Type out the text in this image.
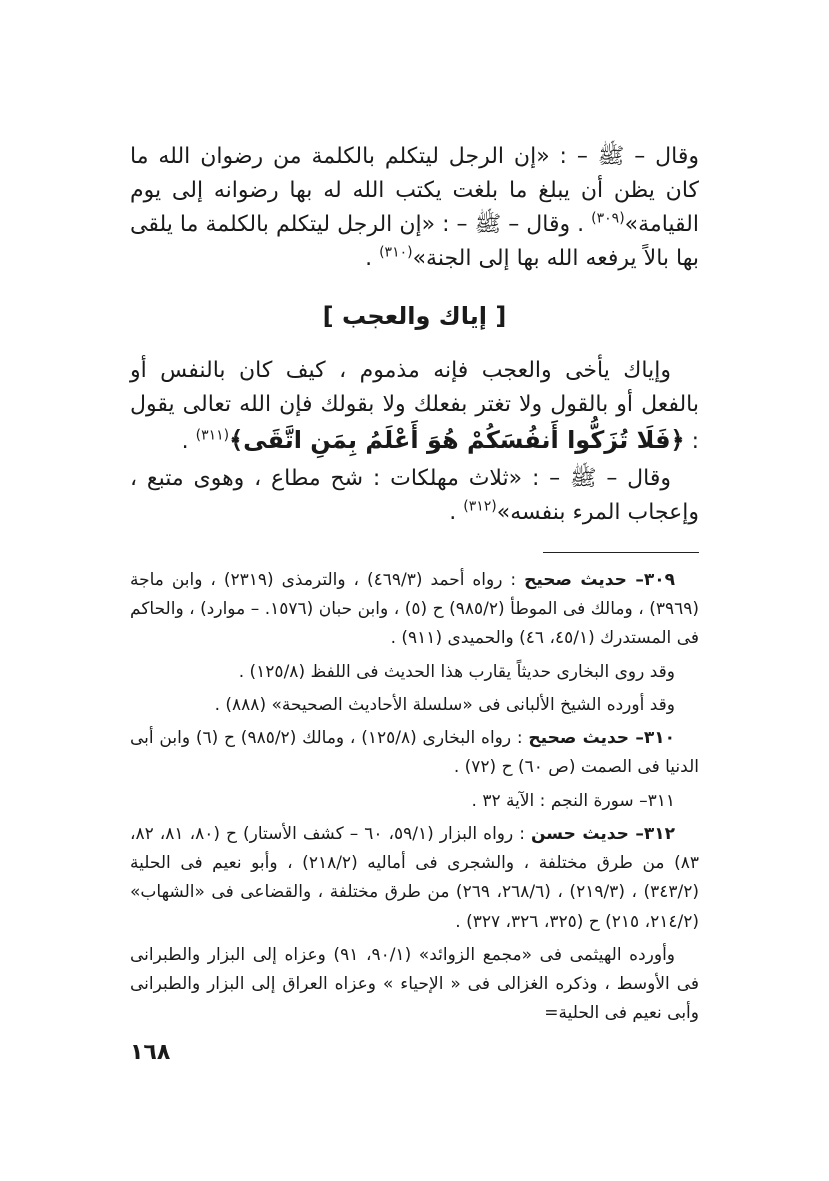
وقال – ﷺ – : «إن الرجل ليتكلم بالكلمة من رضوان الله ما كان يظن أن يبلغ ما بلغت يكتب الله له بها رضوانه إلى يوم القيامة»$^{(٣٠٩)}$ . وقال – ﷺ – : «إن الرجل ليتكلم بالكلمة ما يلقى بها بالاً يرفعه الله بها إلى الجنة»$^{(٣١٠)}$ .

[ إياك والعجب ]

وإياك يأخى والعجب فإنه مذموم ، كيف كان بالنفس أو بالفعل أو بالقول ولا تغتر بفعلك ولا بقولك فإن الله تعالى يقول : ﴿فَلَا تُزَكُّوا أَنفُسَكُمْ هُوَ أَعْلَمُ بِمَنِ اتَّقَى﴾$^{(٣١١)}$ .

وقال – ﷺ – : «ثلاث مهلكات : شح مطاع ، وهوى متبع ، وإعجاب المرء بنفسه»$^{(٣١٢)}$ .

٣٠٩– حديث صحيح : رواه أحمد (٤٦٩/٣) ، والترمذى (٢٣١٩) ، وابن ماجة (٣٩٦٩) ، ومالك فى الموطأ (٩٨٥/٢) ح (٥) ، وابن حبان (١٥٧٦. – موارد) ، والحاكم فى المستدرك (٤٥/١، ٤٦) والحميدى (٩١١) .

وقد روى البخارى حديثاً يقارب هذا الحديث فى اللفظ (١٢٥/٨) .

وقد أورده الشيخ الألبانى فى «سلسلة الأحاديث الصحيحة» (٨٨٨) .

٣١٠– حديث صحيح : رواه البخارى (١٢٥/٨) ، ومالك (٩٨٥/٢) ح (٦) وابن أبى الدنيا فى الصمت (ص ٦٠) ح (٧٢) .

٣١١– سورة النجم : الآية ٣٢ .

٣١٢– حديث حسن : رواه البزار (٥٩/١، ٦٠ – كشف الأستار) ح (٨٠، ٨١، ٨٢، ٨٣) من طرق مختلفة ، والشجرى فى أماليه (٢١٨/٢) ، وأبو نعيم فى الحلية (٣٤٣/٢) ، (٢١٩/٣) ، (٢٦٨/٦، ٢٦٩) من طرق مختلفة ، والقضاعى فى «الشهاب» (٢١٤/٢، ٢١٥) ح (٣٢٥، ٣٢٦، ٣٢٧) .

وأورده الهيثمى فى «مجمع الزوائد» (٩٠/١، ٩١) وعزاه إلى البزار والطبرانى فى الأوسط ، وذكره الغزالى فى « الإحياء » وعزاه العراق إلى البزار والطبرانى وأبى نعيم فى الحلية=

١٦٨
